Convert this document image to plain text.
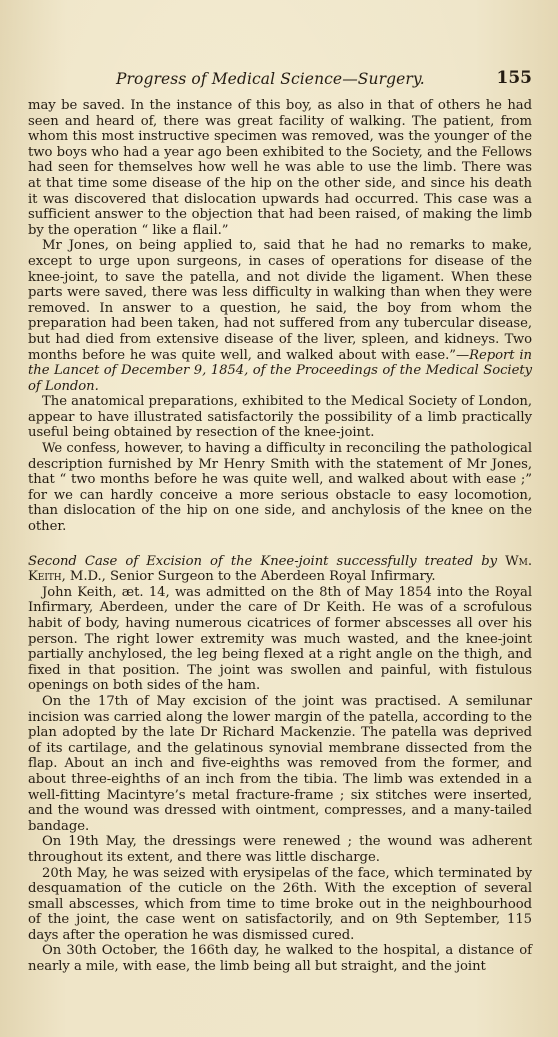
Progress of Medical Science—Surgery.	155

may be saved. In the instance of this boy, as also in that of others he had seen and heard of, there was great facility of walking. The patient, from whom this most instructive specimen was removed, was the younger of the two boys who had a year ago been exhibited to the Society, and the Fellows had seen for themselves how well he was able to use the limb. There was at that time some disease of the hip on the other side, and since his death it was discovered that dislocation upwards had occurred. This case was a sufficient answer to the objection that had been raised, of making the limb by the operation “ like a flail.”

Mr Jones, on being applied to, said that he had no remarks to make, except to urge upon surgeons, in cases of operations for disease of the knee-joint, to save the patella, and not divide the ligament. When these parts were saved, there was less difficulty in walking than when they were removed. In answer to a question, he said, the boy from whom the preparation had been taken, had not suffered from any tubercular disease, but had died from extensive disease of the liver, spleen, and kidneys. Two months before he was quite well, and walked about with ease.”—Report in the Lancet of December 9, 1854, of the Proceedings of the Medical Society of London.

The anatomical preparations, exhibited to the Medical Society of London, appear to have illustrated satisfactorily the possibility of a limb practically useful being obtained by resection of the knee-joint.

We confess, however, to having a difficulty in reconciling the pathological description furnished by Mr Henry Smith with the statement of Mr Jones, that “ two months before he was quite well, and walked about with ease ;” for we can hardly conceive a more serious obstacle to easy locomotion, than dislocation of the hip on one side, and anchylosis of the knee on the other.

Second Case of Excision of the Knee-joint successfully treated by Wm. Keith, M.D., Senior Surgeon to the Aberdeen Royal Infirmary.

John Keith, æt. 14, was admitted on the 8th of May 1854 into the Royal Infirmary, Aberdeen, under the care of Dr Keith. He was of a scrofulous habit of body, having numerous cicatrices of former abscesses all over his person. The right lower extremity was much wasted, and the knee-joint partially anchylosed, the leg being flexed at a right angle on the thigh, and fixed in that position. The joint was swollen and painful, with fistulous openings on both sides of the ham.

On the 17th of May excision of the joint was practised. A semilunar incision was carried along the lower margin of the patella, according to the plan adopted by the late Dr Richard Mackenzie. The patella was deprived of its cartilage, and the gelatinous synovial membrane dissected from the flap. About an inch and five-eighths was removed from the former, and about three-eighths of an inch from the tibia. The limb was extended in a well-fitting Macintyre’s metal fracture-frame ; six stitches were inserted, and the wound was dressed with ointment, compresses, and a many-tailed bandage.

On 19th May, the dressings were renewed ; the wound was adherent throughout its extent, and there was little discharge.

20th May, he was seized with erysipelas of the face, which terminated by desquamation of the cuticle on the 26th. With the exception of several small abscesses, which from time to time broke out in the neighbourhood of the joint, the case went on satisfactorily, and on 9th September, 115 days after the operation he was dismissed cured.

On 30th October, the 166th day, he walked to the hospital, a distance of nearly a mile, with ease, the limb being all but straight, and the joint
